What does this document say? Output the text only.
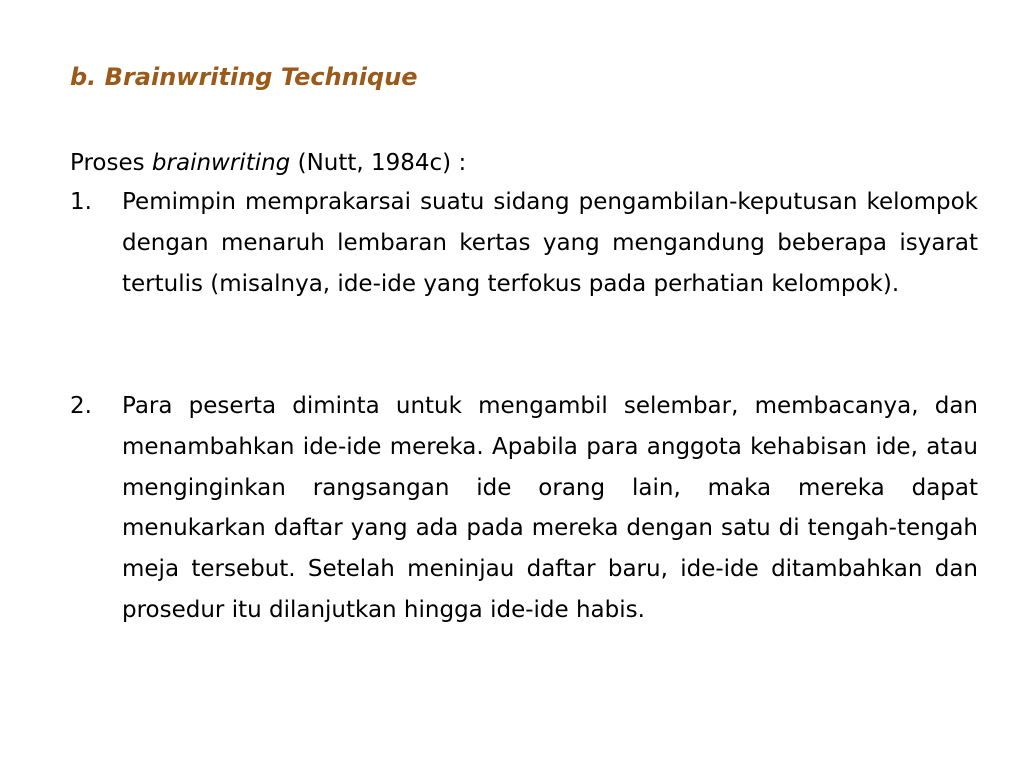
b. Brainwriting Technique
Proses brainwriting (Nutt, 1984c) :
1. Pemimpin memprakarsai suatu sidang pengambilan-keputusan kelompok dengan menaruh lembaran kertas yang mengandung beberapa isyarat tertulis (misalnya, ide-ide yang terfokus pada perhatian kelompok).
2. Para peserta diminta untuk mengambil selembar, membacanya, dan menambahkan ide-ide mereka. Apabila para anggota kehabisan ide, atau menginginkan rangsangan ide orang lain, maka mereka dapat menukarkan daftar yang ada pada mereka dengan satu di tengah-tengah meja tersebut. Setelah meninjau daftar baru, ide-ide ditambahkan dan prosedur itu dilanjutkan hingga ide-ide habis.
